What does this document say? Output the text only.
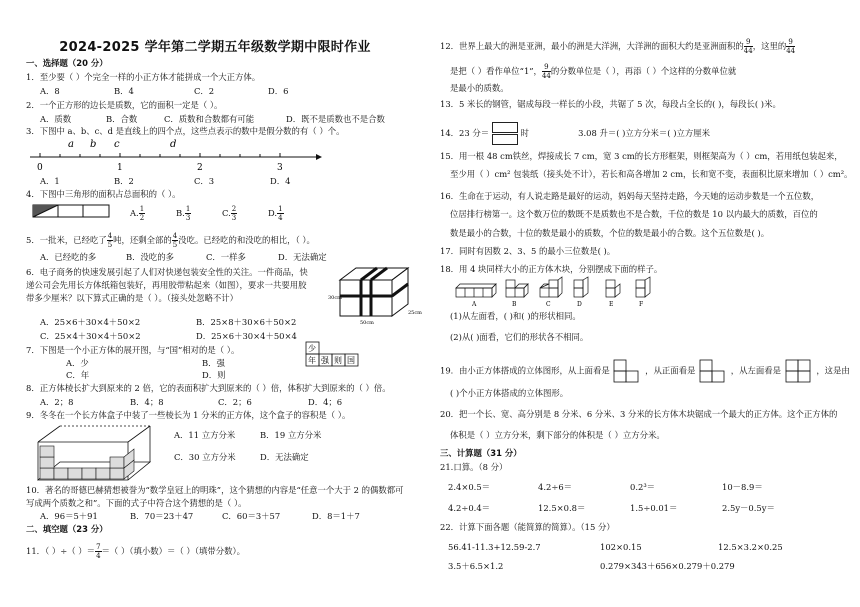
2024-2025 学年第二学期五年级数学期中限时作业
一、选择题（20 分）
1．至少要（ ）个完全一样的小正方体才能拼成一个大正方体。
A．8	B．4	C．2	D．6
2．一个正方形的边长是质数，它的面积一定是（ ）。
A．质数	B．合数	C．质数和合数都有可能	D．既不是质数也不是合数
3．下图中 a、b、c、d 是直线上的四个点，这些点表示的数中是假分数的有（ ）个。
a b c	d
0	1	2	3
A．1	B．2	C．3	D．4
4．下图中三角形的面积占总面积的（ ）。
A. $\frac{1}{2}$	B. $\frac{1}{3}$	C. $\frac{2}{3}$	D. $\frac{1}{4}$
5．一批米，已经吃了 $\frac{4}{5}$ 吨，还剩全部的 $\frac{4}{5}$ 没吃。已经吃的和没吃的相比，（ ）。
A．已经吃的多	B．没吃的多	C．一样多	D．无法确定
6．电子商务的快速发展引起了人们对快递包装安全性的关注。一件商品，快
递公司会先用长方体纸箱包装好，再用胶带粘起来（如图），要求一共要用胶
带多少厘米？以下算式正确的是（ ）。（接头处忽略不计）	30cm
50cm
25cm
A．25×6＋30×4＋50×2	B．25×8＋30×6＋50×2
C．25×4＋30×4＋50×2	D．25×6＋30×4＋50×4
7．下图是一个小正方体的展开图，与“国”相对的是（ ）。	少
年 强 则 国
A．少	B．强
C．年	D．则
8．正方体棱长扩大到原来的 2 倍，它的表面积扩大到原来的（ ）倍，体积扩大到原来的（ ）倍。
A．2；8	B．4；8	C．2；6	D．4；6
9．冬冬在一个长方体盒子中装了一些棱长为 1 分米的正方体，这个盒子的容积是（ ）。
A．11 立方分米	B．19 立方分米
C．30 立方分米	D．无法确定
10．著名的哥德巴赫猜想被誉为“数学皇冠上的明珠”，这个猜想的内容是“任意一个大于 2 的偶数都可
写成两个质数之和”。下面的式子中符合这个猜想的是（ ）。
A．96＝5＋91	B．70＝23＋47	C．60＝3＋57	D．8＝1＋7
二、填空题（23 分）
11．（ ）÷（ ）＝ $\frac{7}{4}$ ＝（ ）（填小数）＝（ ）（填带分数）。
12．世界上最大的洲是亚洲，最小的洲是大洋洲，大洋洲的面积大约是亚洲面积的 $\frac{9}{44}$ ，这里的 $\frac{9}{44}$
是把（ ）看作单位“1”， $\frac{9}{44}$ 的分数单位是（ ），再添（ ）个这样的分数单位就
是最小的质数。
13．5 米长的钢管，锯成每段一样长的小段，共锯了 5 次，每段占全长的( )，每段长( )米。
14．23 分＝	时	3.08 升＝( )立方分米＝( )立方厘米
15．用一根 48 cm铁丝，焊接成长 7 cm，宽 3 cm的长方形框架，则框架高为（ ）cm，若用纸包装起来，
至少用（ ）cm² 包装纸（接头处不计），若长和高各增加 2 cm，长和宽不变，表面积比原来增加（ ）cm²。
16．生命在于运动，有人说走路是最好的运动，妈妈每天坚持走路，今天她的运动步数是一个五位数，
位居排行榜第一。这个数万位的数既不是质数也不是合数，千位的数是 10 以内最大的质数，百位的
数是最小的合数，十位的数是最小的质数，个位的数是最小的合数。这个五位数是( )。
17．同时有因数 2、3、5 的最小三位数是( )。
18．用 4 块同样大小的正方体木块，分别摆成下面的样子。
A	B	C	D	E	F
(1)从左面看，( )和( )的形状相同。
(2)从( )面看，它们的形状各不相同。
19．由小正方体搭成的立体图形，从上面看是	，从正面看是	，从左面看是	，这是由
( )个小正方体搭成的立体图形。
20．把一个长、宽、高分别是 8 分米、6 分米、3 分米的长方体木块锯成一个最大的正方体。这个正方体的
体积是（ ）立方分米，剩下部分的体积是（ ）立方分米。
三、计算题（31 分）
21.口算。（8 分）
2.4×0.5＝	4.2÷6＝	0.2³＝	10－8.9＝
4.2÷0.4＝	12.5×0.8＝	1.5÷0.01＝	2.5y－0.5y＝
22．计算下面各题（能简算的简算）。（15 分）
56.41-11.3+12.59-2.7	102×0.15	12.5×3.2×0.25
3.5＋6.5×1.2	0.279×343＋656×0.279＋0.279
